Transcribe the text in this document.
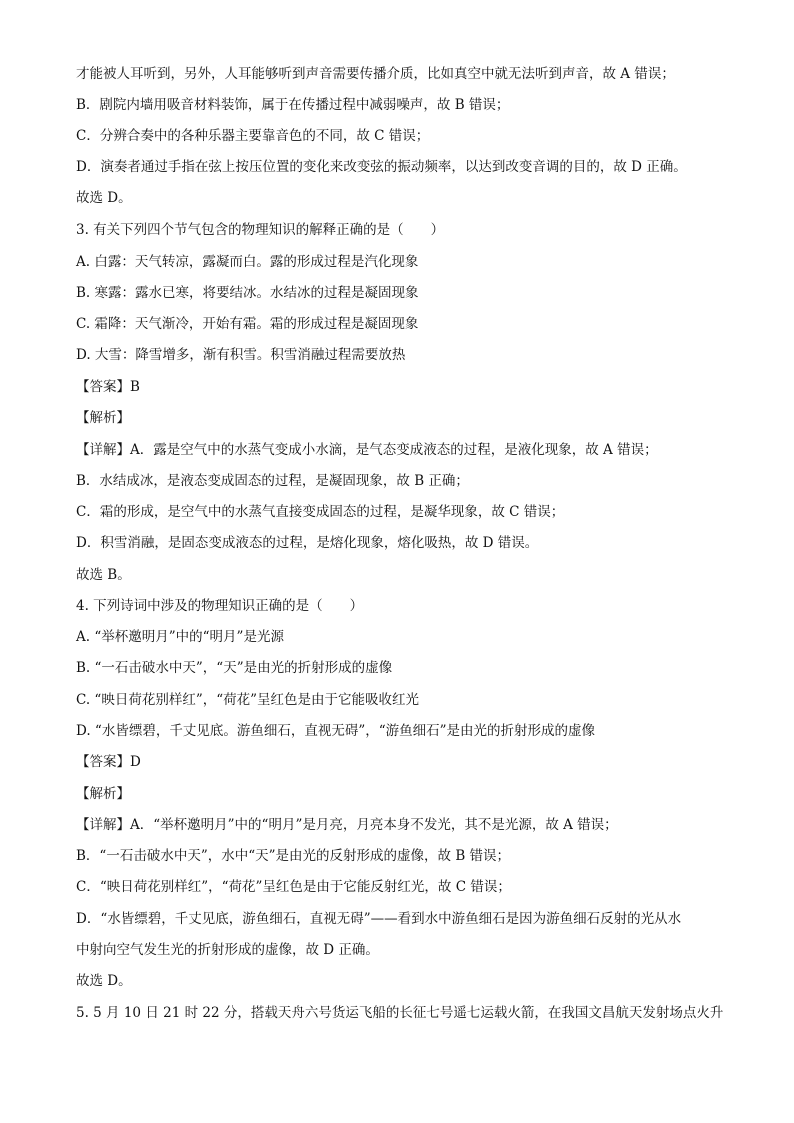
才能被人耳听到，另外，人耳能够听到声音需要传播介质，比如真空中就无法听到声音，故 A 错误；
B．剧院内墙用吸音材料装饰，属于在传播过程中减弱噪声，故 B 错误；
C．分辨合奏中的各种乐器主要靠音色的不同，故 C 错误；
D．演奏者通过手指在弦上按压位置的变化来改变弦的振动频率，以达到改变音调的目的，故 D 正确。
故选 D。
3. 有关下列四个节气包含的物理知识的解释正确的是（　　）
A. 白露：天气转凉，露凝而白。露的形成过程是汽化现象
B. 寒露：露水已寒，将要结冰。水结冰的过程是凝固现象
C. 霜降：天气渐冷，开始有霜。霜的形成过程是凝固现象
D. 大雪：降雪增多，渐有积雪。积雪消融过程需要放热
【答案】B
【解析】
【详解】A．露是空气中的水蒸气变成小水滴，是气态变成液态的过程，是液化现象，故 A 错误；
B．水结成冰，是液态变成固态的过程，是凝固现象，故 B 正确；
C．霜的形成，是空气中的水蒸气直接变成固态的过程，是凝华现象，故 C 错误；
D．积雪消融，是固态变成液态的过程，是熔化现象，熔化吸热，故 D 错误。
故选 B。
4. 下列诗词中涉及的物理知识正确的是（　　）
A. “举杯邀明月”中的“明月”是光源
B. “一石击破水中天”，“天”是由光的折射形成的虚像
C. “映日荷花别样红”，“荷花”呈红色是由于它能吸收红光
D. “水皆缥碧，千丈见底。游鱼细石，直视无碍”，“游鱼细石”是由光的折射形成的虚像
【答案】D
【解析】
【详解】A．“举杯邀明月”中的“明月”是月亮，月亮本身不发光，其不是光源，故 A 错误；
B．“一石击破水中天”，水中“天”是由光的反射形成的虚像，故 B 错误；
C．“映日荷花别样红”，“荷花”呈红色是由于它能反射红光，故 C 错误；
D．“水皆缥碧，千丈见底，游鱼细石，直视无碍”——看到水中游鱼细石是因为游鱼细石反射的光从水
中射向空气发生光的折射形成的虚像，故 D 正确。
故选 D。
5. 5 月 10 日 21 时 22 分，搭载天舟六号货运飞船的长征七号遥七运载火箭，在我国文昌航天发射场点火升
